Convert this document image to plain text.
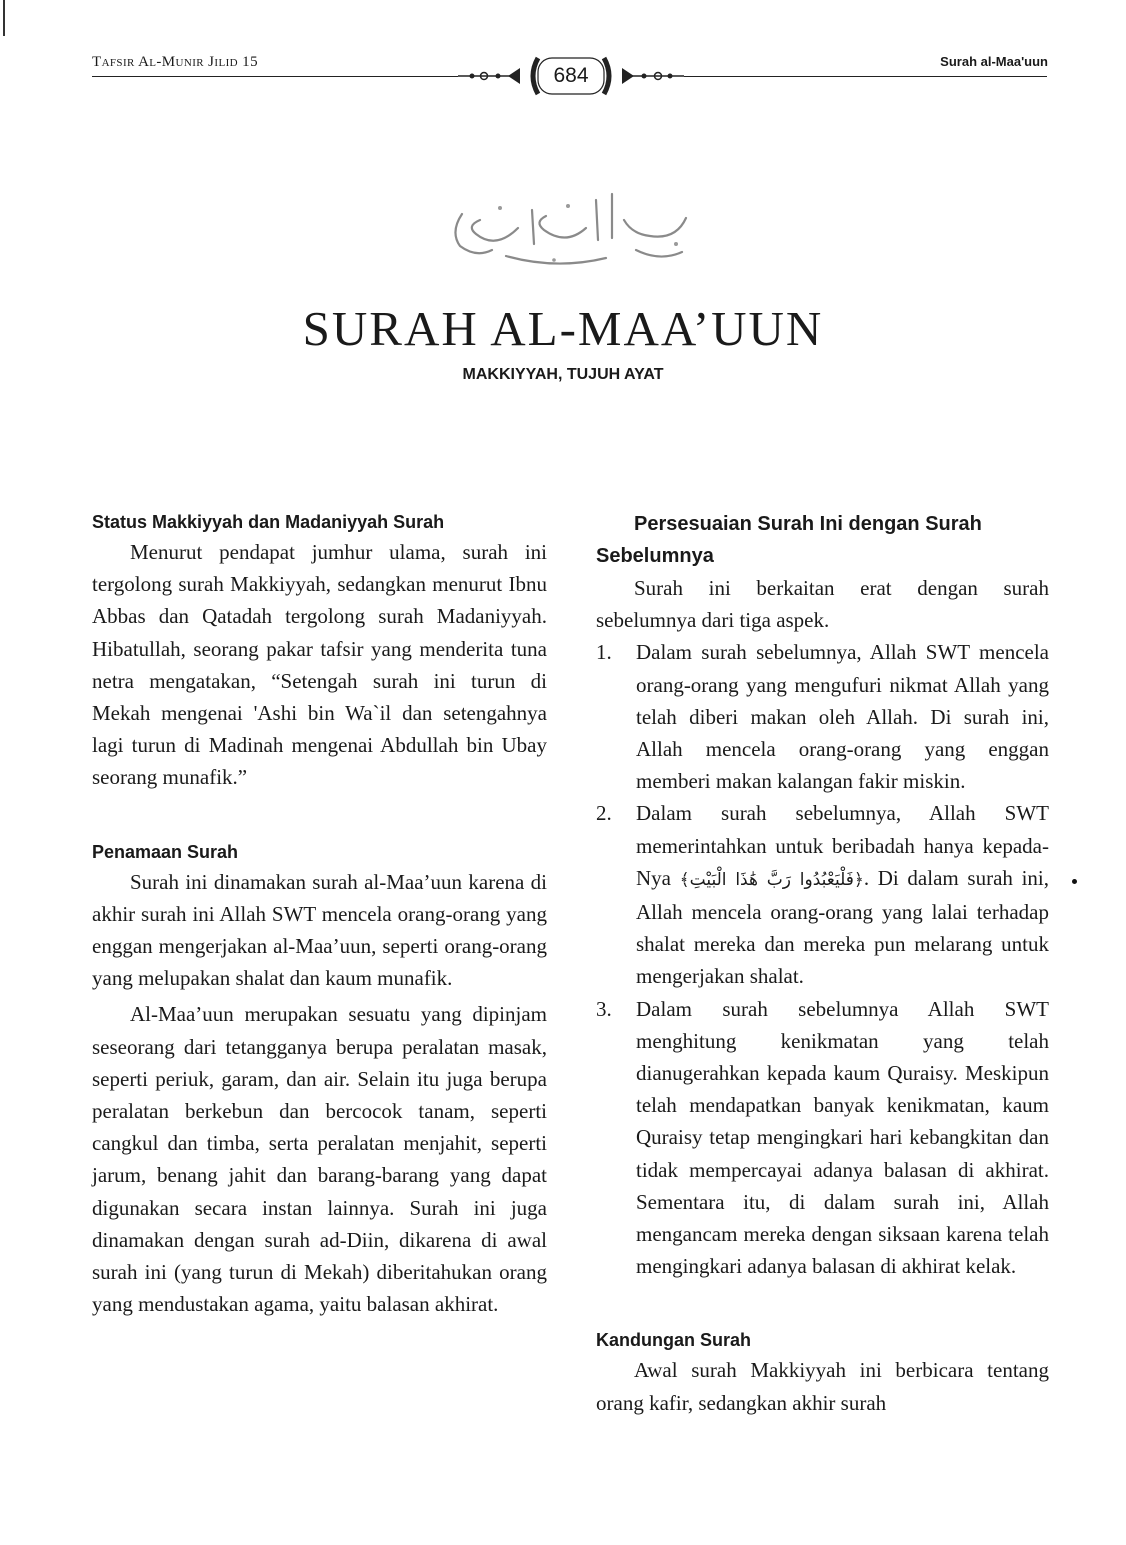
Tafsir Al-Munir Jilid 15
684
Surah al-Maa'uun
SURAH AL-MAA’UUN
MAKKIYYAH, TUJUH AYAT
Status Makkiyyah dan Madaniyyah Surah

Menurut pendapat jumhur ulama, surah ini tergolong surah Makkiyyah, sedangkan menurut Ibnu Abbas dan Qatadah tergolong surah Madaniyyah. Hibatullah, seorang pakar tafsir yang menderita tuna netra mengatakan, “Setengah surah ini turun di Mekah mengenai 'Ashi bin Wa`il dan setengahnya lagi turun di Madinah mengenai Abdullah bin Ubay seorang munafik.”

Penamaan Surah

Surah ini dinamakan surah al-Maa’uun karena di akhir surah ini Allah SWT mencela orang-orang yang enggan mengerjakan al-Maa’uun, seperti orang-orang yang melupakan shalat dan kaum munafik.

Al-Maa’uun merupakan sesuatu yang dipinjam seseorang dari tetangganya berupa peralatan masak, seperti periuk, garam, dan air. Selain itu juga berupa peralatan berkebun dan bercocok tanam, seperti cangkul dan timba, serta peralatan menjahit, seperti jarum, benang jahit dan barang-barang yang dapat digunakan secara instan lainnya. Surah ini juga dinamakan dengan surah ad-Diin, dikarena di awal surah ini (yang turun di Mekah) diberitahukan orang yang mendustakan agama, yaitu balasan akhirat.

Persesuaian Surah Ini dengan Surah
Sebelumnya

Surah ini berkaitan erat dengan surah sebelumnya dari tiga aspek.

1. Dalam surah sebelumnya, Allah SWT mencela orang-orang yang mengufuri nikmat Allah yang telah diberi makan oleh Allah. Di surah ini, Allah mencela orang-orang yang enggan memberi makan kalangan fakir miskin.
2. Dalam surah sebelumnya, Allah SWT memerintahkan untuk beribadah hanya kepada-Nya ﴿فَلْيَعْبُدُوا رَبَّ هَٰذَا الْبَيْتِ﴾. Di dalam surah ini, Allah mencela orang-orang yang lalai terhadap shalat mereka dan mereka pun melarang untuk mengerjakan shalat.
3. Dalam surah sebelumnya Allah SWT menghitung kenikmatan yang telah dianugerahkan kepada kaum Quraisy. Meskipun telah mendapatkan banyak kenikmatan, kaum Quraisy tetap mengingkari hari kebangkitan dan tidak mempercayai adanya balasan di akhirat. Sementara itu, di dalam surah ini, Allah mengancam mereka dengan siksaan karena telah mengingkari adanya balasan di akhirat kelak.
Kandungan Surah

Awal surah Makkiyyah ini berbicara tentang orang kafir, sedangkan akhir surah
